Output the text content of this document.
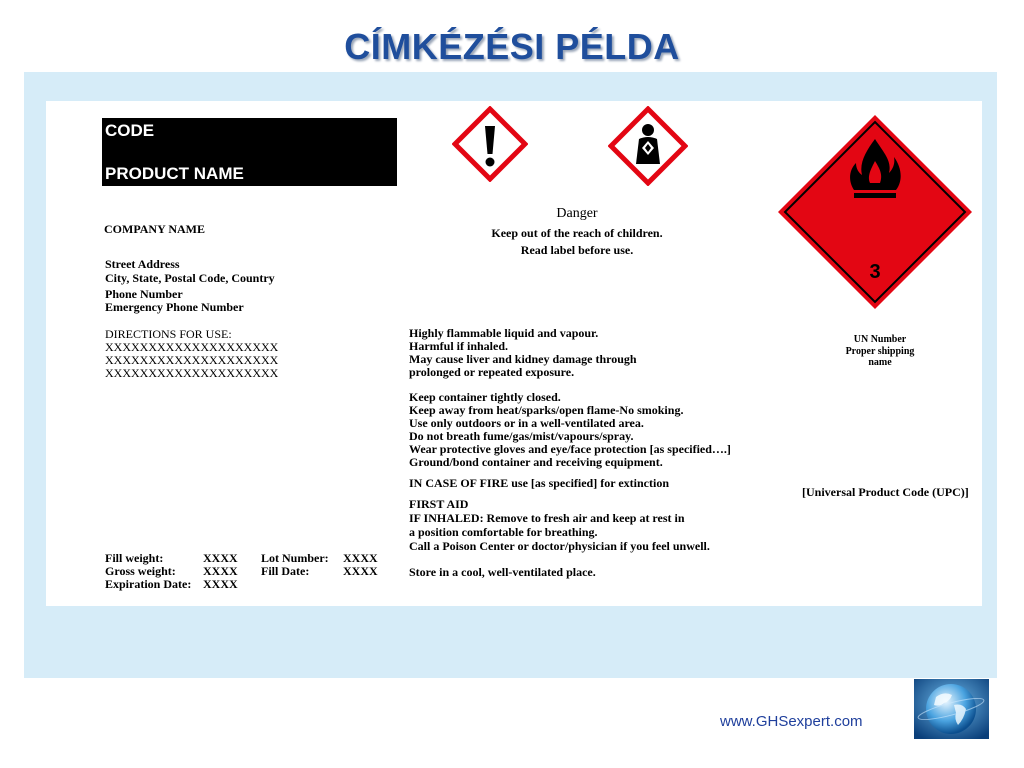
CÍMKÉZÉSI PÉLDA
CODE
PRODUCT NAME
COMPANY NAME
Street Address
City, State, Postal Code, Country
Phone Number
Emergency Phone Number
DIRECTIONS FOR USE:
XXXXXXXXXXXXXXXXXXXX
XXXXXXXXXXXXXXXXXXXX
XXXXXXXXXXXXXXXXXXXX
3
Danger
Keep out of the reach of children.
Read label before use.
Highly flammable liquid and vapour.
Harmful if inhaled.
May cause liver and kidney damage through
prolonged or repeated exposure.
Keep container tightly closed.
Keep away from heat/sparks/open flame-No smoking.
Use only outdoors or in a well-ventilated area.
Do not breath fume/gas/mist/vapours/spray.
Wear protective gloves and eye/face protection [as specified….]
Ground/bond container and receiving equipment.
IN CASE OF FIRE use [as specified] for extinction
FIRST AID
IF INHALED: Remove to fresh air and keep at rest in
a position comfortable for breathing.
Call a Poison Center or doctor/physician if you feel unwell.
Store in a cool, well-ventilated place.
UN Number
Proper shipping
name
[Universal Product Code (UPC)]
Fill weight:	XXXX
Gross weight: XXXX
Expiration Date: XXXX
Lot Number: XXXX
Fill Date:	XXXX
www.GHSexpert.com
